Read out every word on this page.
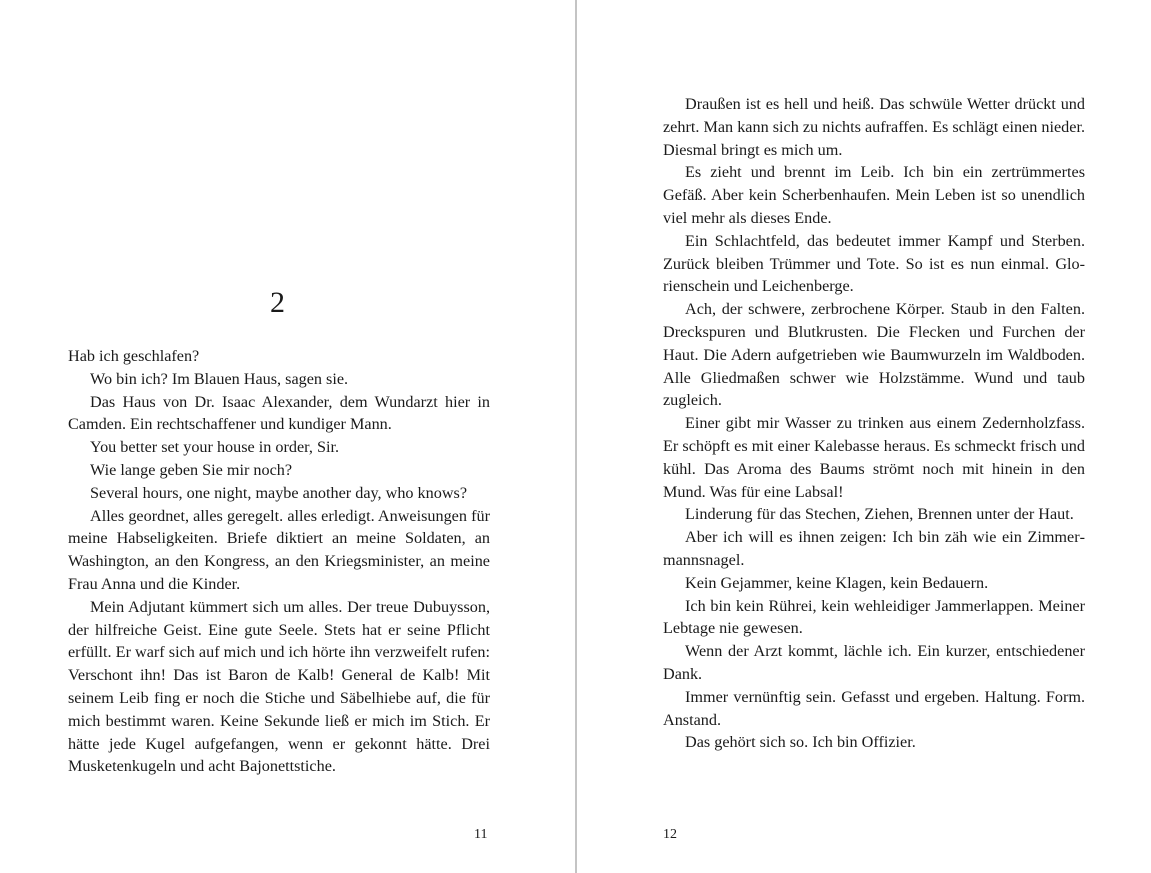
2

Hab ich geschlafen?

Wo bin ich? Im Blauen Haus, sagen sie.

Das Haus von Dr. Isaac Alexander, dem Wundarzt hier in Camden. Ein rechtschaffener und kundiger Mann.

You better set your house in order, Sir.

Wie lange geben Sie mir noch?

Several hours, one night, maybe another day, who knows?

Alles geordnet, alles geregelt. alles erledigt. Anweisungen für meine Habseligkeiten. Briefe diktiert an meine Soldaten, an Washington, an den Kongress, an den Kriegsminister, an meine Frau Anna und die Kinder.

Mein Adjutant kümmert sich um alles. Der treue Dubuysson, der hilfreiche Geist. Eine gute Seele. Stets hat er seine Pflicht erfüllt. Er warf sich auf mich und ich hörte ihn verzweifelt rufen: Verschont ihn! Das ist Baron de Kalb! General de Kalb! Mit seinem Leib fing er noch die Stiche und Säbelhiebe auf, die für mich bestimmt waren. Keine Sekunde ließ er mich im Stich. Er hätte jede Kugel aufgefangen, wenn er gekonnt hätte. Drei Musketenkugeln und acht Bajonettstiche.

11

Draußen ist es hell und heiß. Das schwüle Wetter drückt und zehrt. Man kann sich zu nichts aufraffen. Es schlägt einen nieder. Diesmal bringt es mich um.

Es zieht und brennt im Leib. Ich bin ein zertrümmertes Gefäß. Aber kein Scherbenhaufen. Mein Leben ist so unendlich viel mehr als dieses Ende.

Ein Schlachtfeld, das bedeutet immer Kampf und Sterben. Zurück bleiben Trümmer und Tote. So ist es nun einmal. Glorienschein und Leichenberge.

Ach, der schwere, zerbrochene Körper. Staub in den Falten. Dreckspuren und Blutkrusten. Die Flecken und Furchen der Haut. Die Adern aufgetrieben wie Baumwurzeln im Waldboden. Alle Gliedmaßen schwer wie Holzstämme. Wund und taub zugleich.

Einer gibt mir Wasser zu trinken aus einem Zedernholzfass. Er schöpft es mit einer Kalebasse heraus. Es schmeckt frisch und kühl. Das Aroma des Baums strömt noch mit hinein in den Mund. Was für eine Labsal!

Linderung für das Stechen, Ziehen, Brennen unter der Haut.

Aber ich will es ihnen zeigen: Ich bin zäh wie ein Zimmermannsnagel.

Kein Gejammer, keine Klagen, kein Bedauern.

Ich bin kein Rührei, kein wehleidiger Jammerlappen. Meiner Lebtage nie gewesen.

Wenn der Arzt kommt, lächle ich. Ein kurzer, entschiedener Dank.

Immer vernünftig sein. Gefasst und ergeben. Haltung. Form. Anstand.

Das gehört sich so. Ich bin Offizier.

12
